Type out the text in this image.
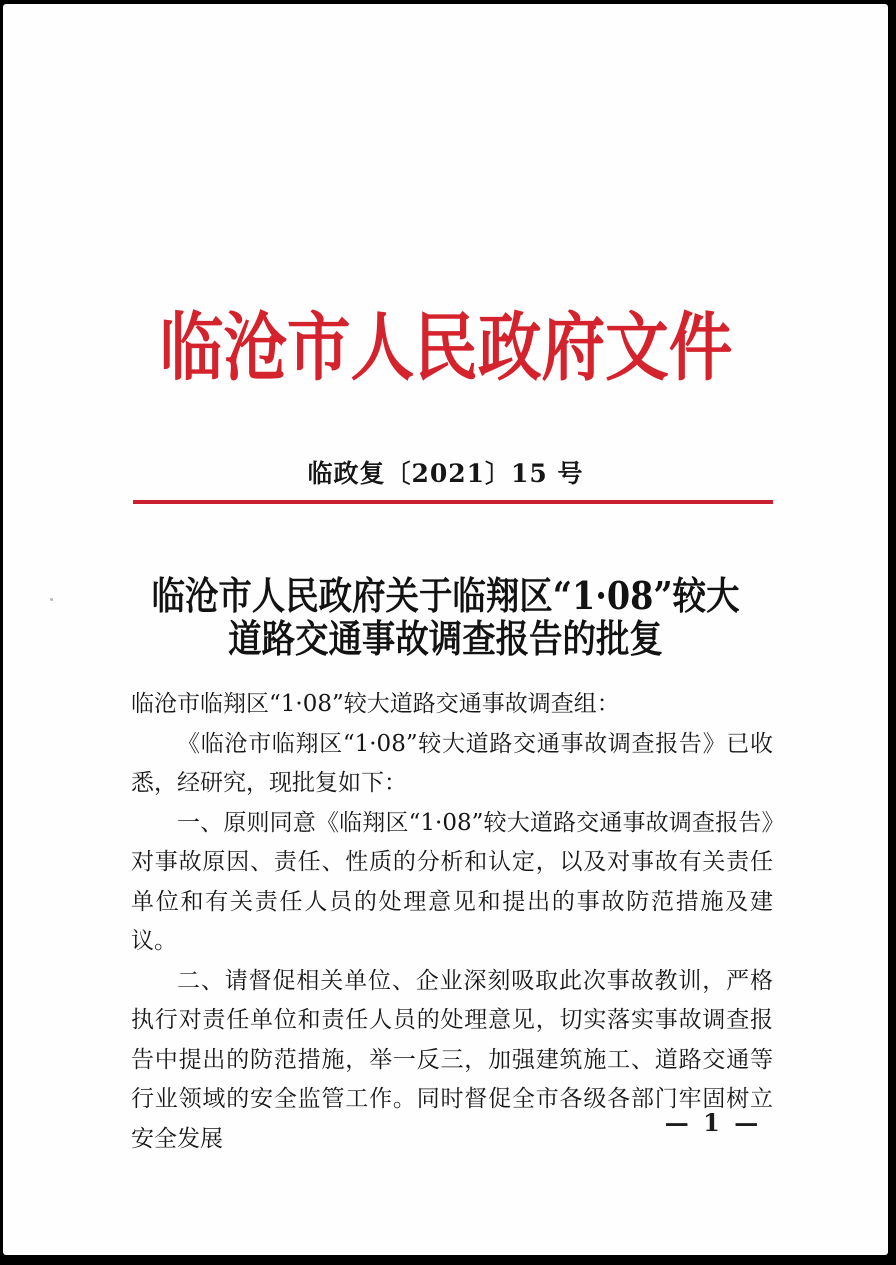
临沧市人民政府文件
临政复〔2021〕15 号
临沧市人民政府关于临翔区“1·08”较大
道路交通事故调查报告的批复

临沧市临翔区“1·08”较大道路交通事故调查组：

《临沧市临翔区“1·08”较大道路交通事故调查报告》已收悉，经研究，现批复如下：

一、原则同意《临翔区“1·08”较大道路交通事故调查报告》对事故原因、责任、性质的分析和认定，以及对事故有关责任单位和有关责任人员的处理意见和提出的事故防范措施及建议。

二、请督促相关单位、企业深刻吸取此次事故教训，严格执行对责任单位和责任人员的处理意见，切实落实事故调查报告中提出的防范措施，举一反三，加强建筑施工、道路交通等行业领域的安全监管工作。同时督促全市各级各部门牢固树立安全发展

— 1 —
